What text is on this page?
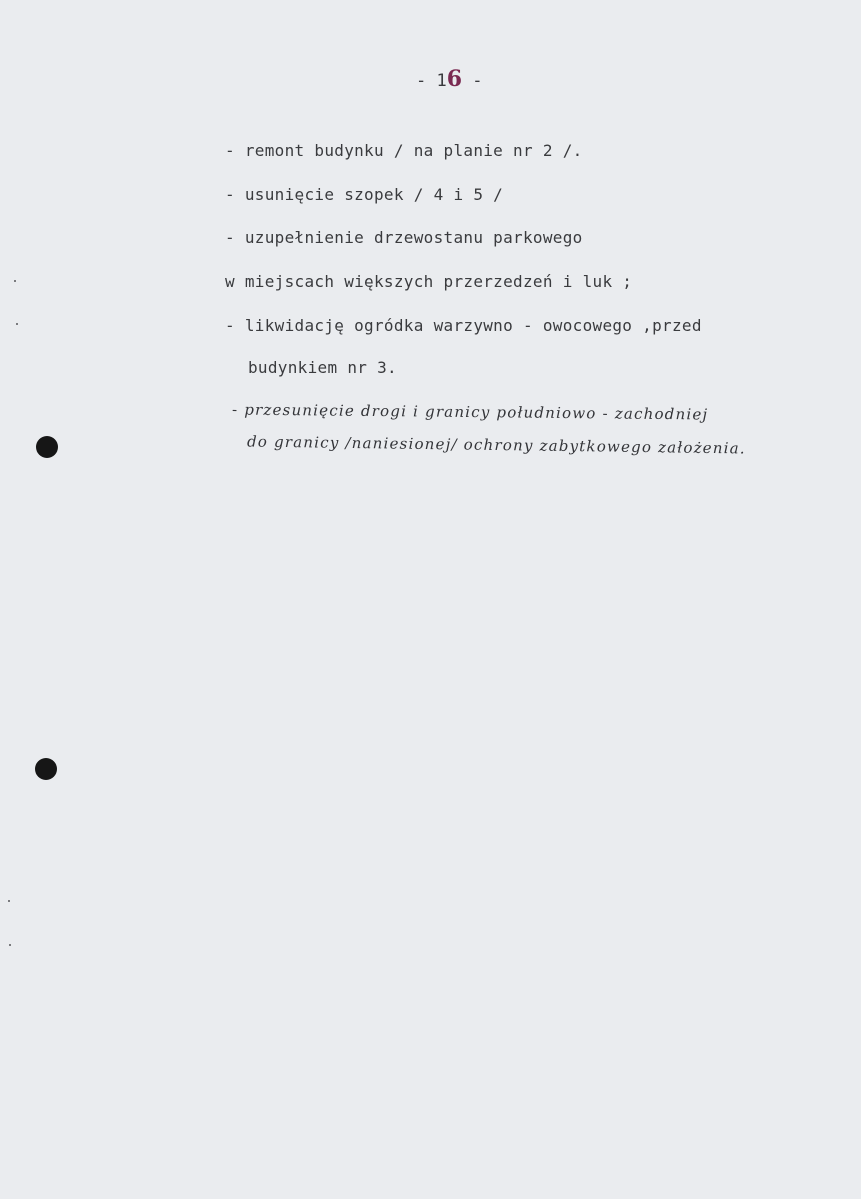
- 16 -
- remont budynku / na planie nr 2 /.
- usunięcie szopek / 4 i 5 /
- uzupełnienie drzewostanu parkowego
w miejscach większych przerzedzeń i luk ;
- likwidację ogródka warzywno - owocowego ,przed
budynkiem nr 3.
- przesunięcie drogi i granicy południowo - zachodniej
do granicy /naniesionej/ ochrony zabytkowego założenia.
